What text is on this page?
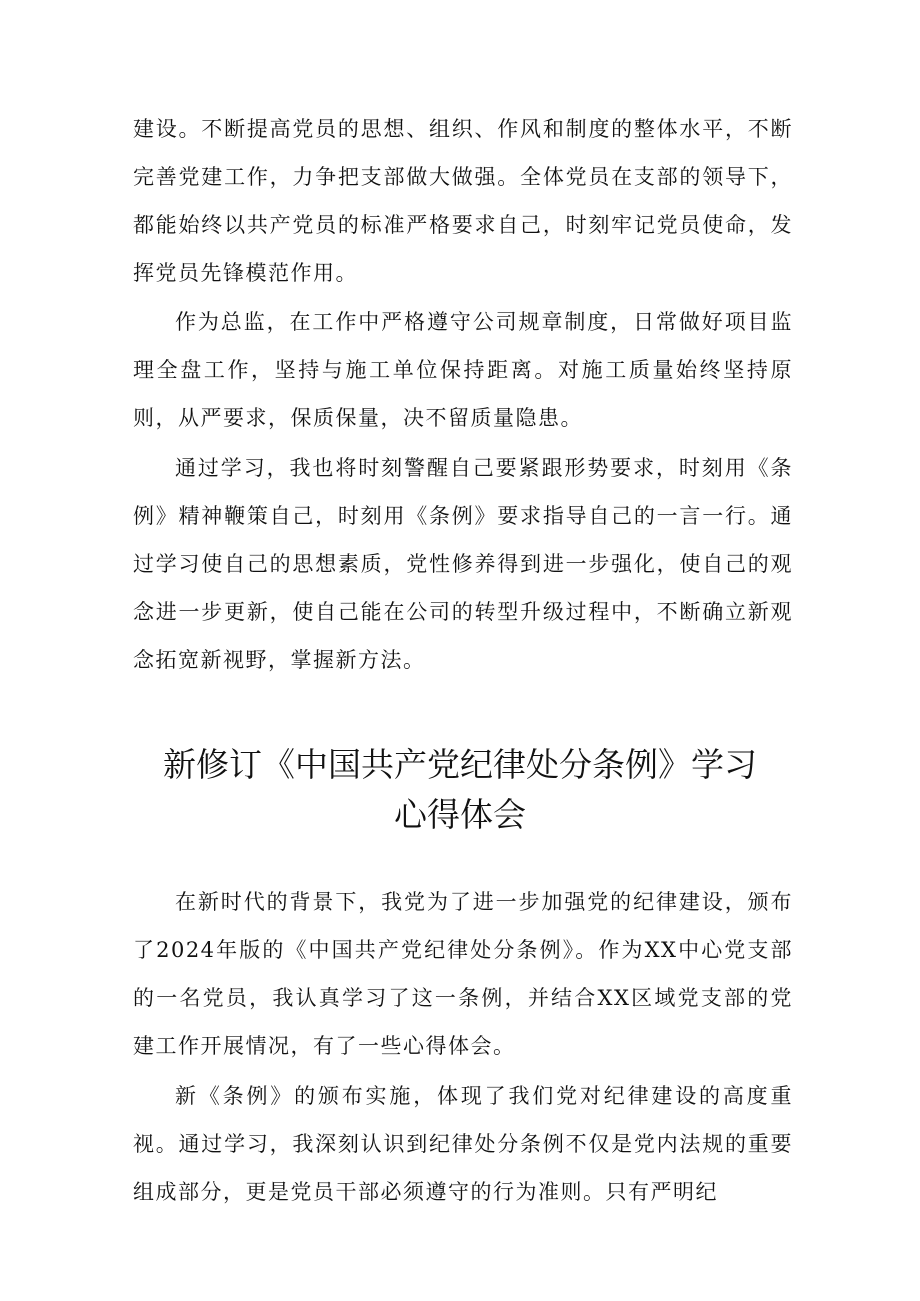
建设。不断提高党员的思想、组织、作风和制度的整体水平，不断完善党建工作，力争把支部做大做强。全体党员在支部的领导下，都能始终以共产党员的标准严格要求自己，时刻牢记党员使命，发挥党员先锋模范作用。

作为总监，在工作中严格遵守公司规章制度，日常做好项目监理全盘工作，坚持与施工单位保持距离。对施工质量始终坚持原则，从严要求，保质保量，决不留质量隐患。

通过学习，我也将时刻警醒自己要紧跟形势要求，时刻用《条例》精神鞭策自己，时刻用《条例》要求指导自己的一言一行。通过学习使自己的思想素质，党性修养得到进一步强化，使自己的观念进一步更新，使自己能在公司的转型升级过程中，不断确立新观念拓宽新视野，掌握新方法。

新修订《中国共产党纪律处分条例》学习
心得体会

在新时代的背景下，我党为了进一步加强党的纪律建设，颁布了2024年版的《中国共产党纪律处分条例》。作为XX中心党支部的一名党员，我认真学习了这一条例，并结合XX区域党支部的党建工作开展情况，有了一些心得体会。

新《条例》的颁布实施，体现了我们党对纪律建设的高度重视。通过学习，我深刻认识到纪律处分条例不仅是党内法规的重要组成部分，更是党员干部必须遵守的行为准则。只有严明纪
